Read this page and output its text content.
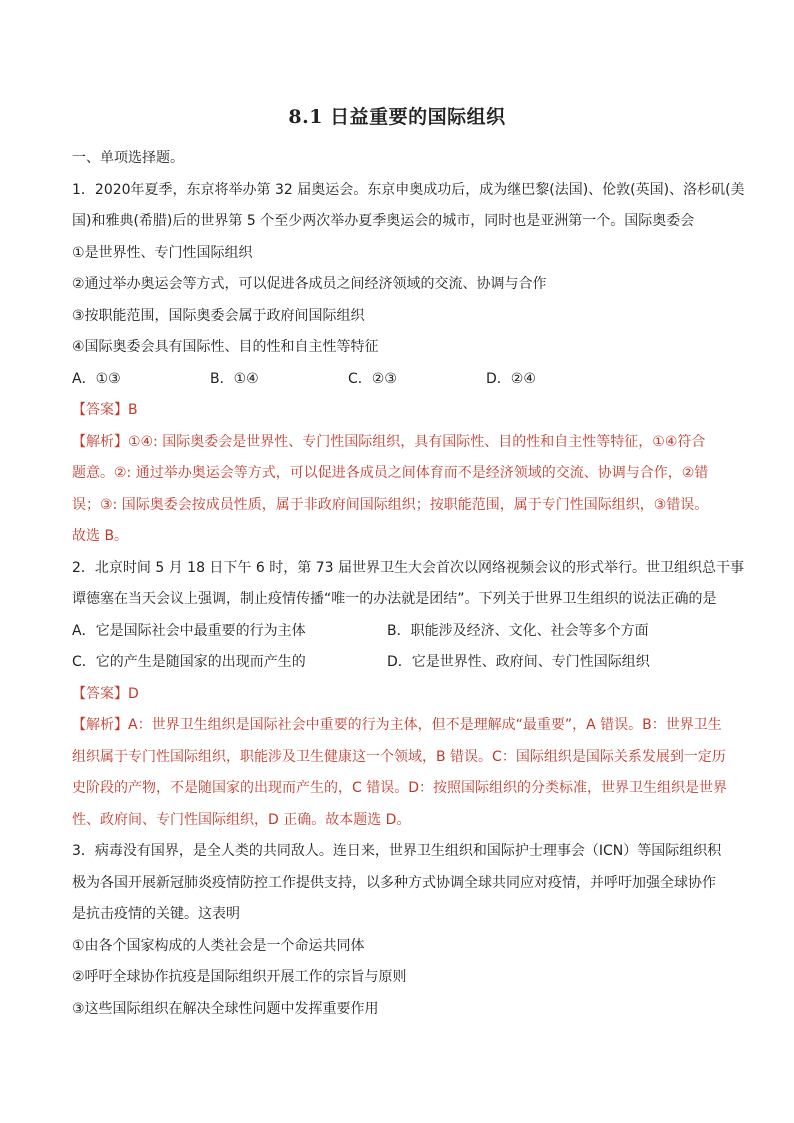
8.1 日益重要的国际组织
一、单项选择题。
1．2020年夏季，东京将举办第 32 届奥运会。东京申奥成功后，成为继巴黎(法国)、伦敦(英国)、洛杉矶(美
国)和雅典(希腊)后的世界第 5 个至少两次举办夏季奥运会的城市，同时也是亚洲第一个。国际奥委会
①是世界性、专门性国际组织
②通过举办奥运会等方式，可以促进各成员之间经济领域的交流、协调与合作
③按职能范围，国际奥委会属于政府间国际组织
④国际奥委会具有国际性、目的性和自主性等特征
A．①③	B．①④	C．②③	D．②④
【答案】B
【解析】①④: 国际奥委会是世界性、专门性国际组织，具有国际性、目的性和自主性等特征，①④符合
题意。②: 通过举办奥运会等方式，可以促进各成员之间体育而不是经济领域的交流、协调与合作，②错
误；③: 国际奥委会按成员性质，属于非政府间国际组织；按职能范围，属于专门性国际组织，③错误。
故选 B。
2．北京时间 5 月 18 日下午 6 时，第 73 届世界卫生大会首次以网络视频会议的形式举行。世卫组织总干事
谭德塞在当天会议上强调，制止疫情传播“唯一的办法就是团结”。下列关于世界卫生组织的说法正确的是
A．它是国际社会中最重要的行为主体	B．职能涉及经济、文化、社会等多个方面
C．它的产生是随国家的出现而产生的	D．它是世界性、政府间、专门性国际组织
【答案】D
【解析】A：世界卫生组织是国际社会中重要的行为主体，但不是理解成“最重要”，A 错误。B：世界卫生
组织属于专门性国际组织，职能涉及卫生健康这一个领域，B 错误。C：国际组织是国际关系发展到一定历
史阶段的产物，不是随国家的出现而产生的，C 错误。D：按照国际组织的分类标准，世界卫生组织是世界
性、政府间、专门性国际组织，D 正确。故本题选 D。
3．病毒没有国界，是全人类的共同敌人。连日来，世界卫生组织和国际护士理事会（ICN）等国际组织积
极为各国开展新冠肺炎疫情防控工作提供支持，以多种方式协调全球共同应对疫情，并呼吁加强全球协作
是抗击疫情的关键。这表明
①由各个国家构成的人类社会是一个命运共同体
②呼吁全球协作抗疫是国际组织开展工作的宗旨与原则
③这些国际组织在解决全球性问题中发挥重要作用
